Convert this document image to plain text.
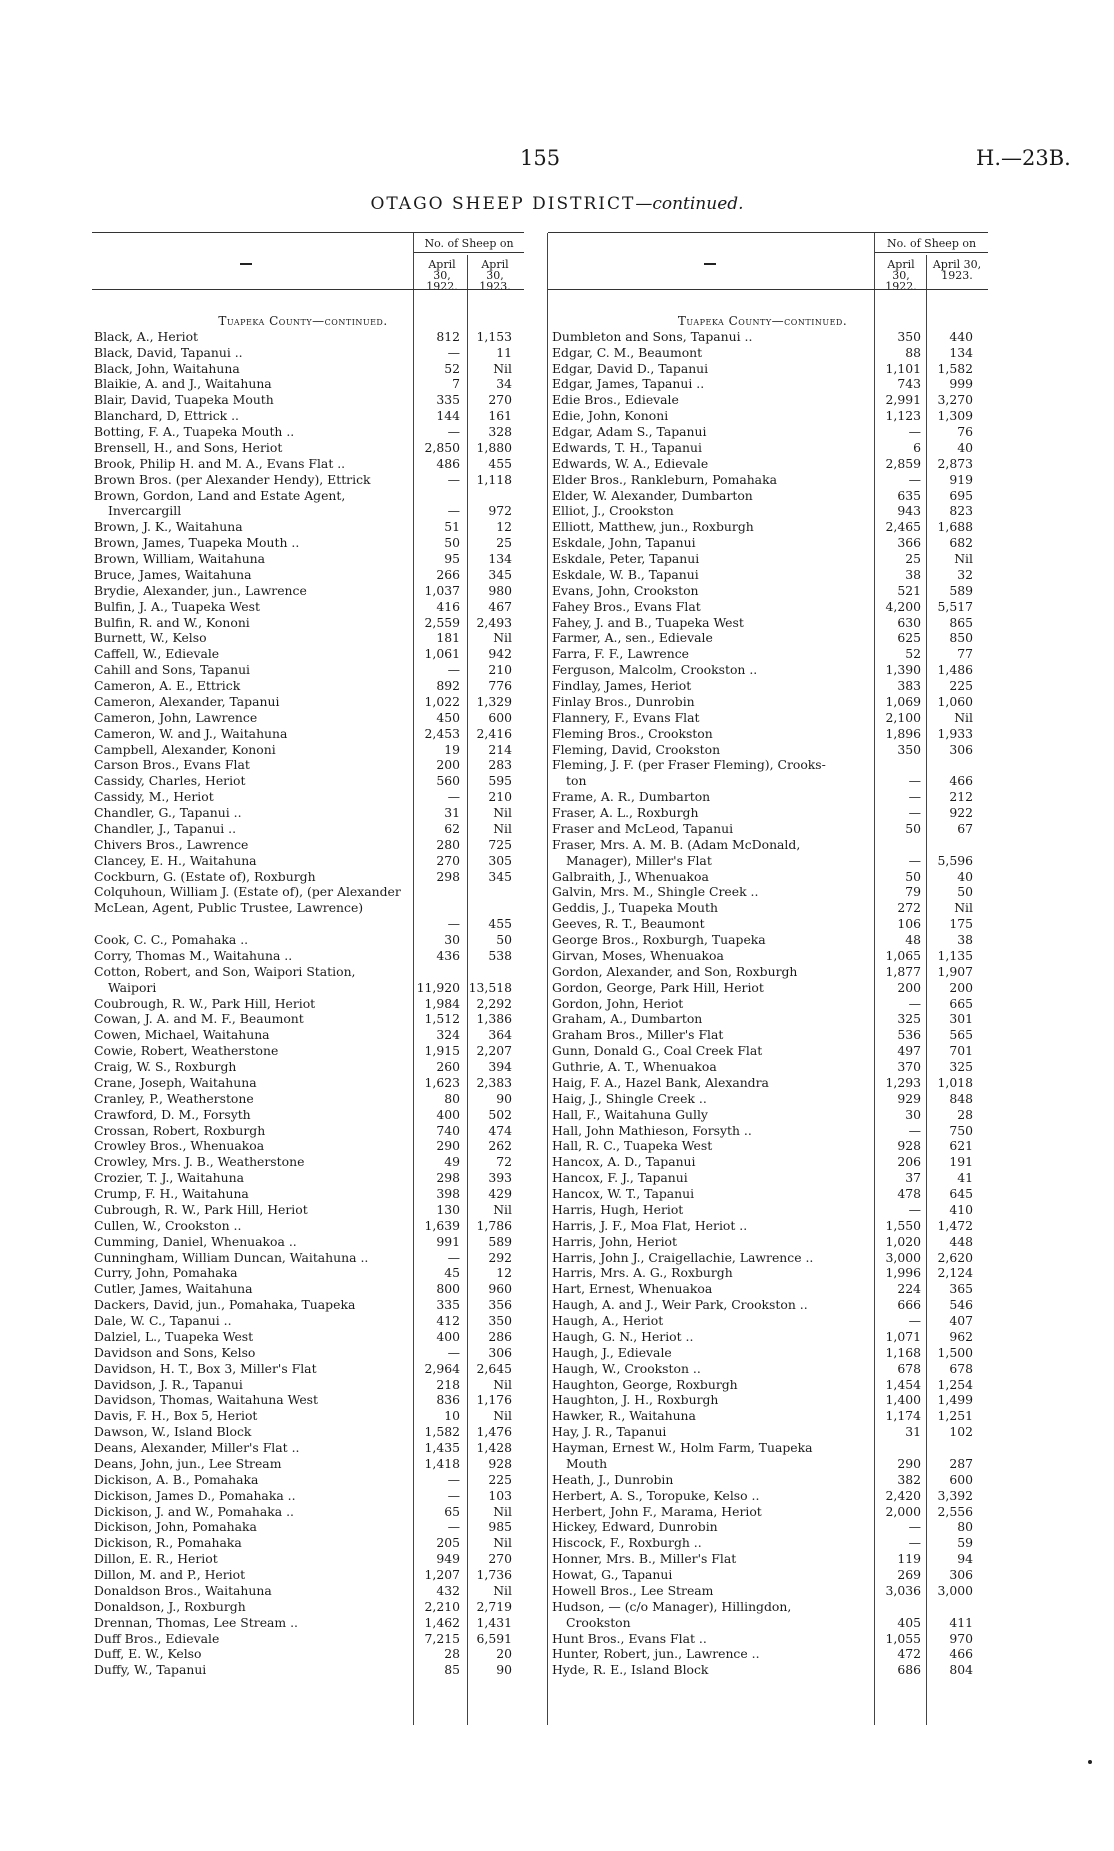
155	H.—23B.
OTAGO SHEEP DISTRICT—continued.
No. of Sheep on
April 30, 1922.
April 30, 1923.
No. of Sheep on
April 30, 1922.
April 30, 1923.
Tuapeka County—continued.
Black, A., Heriot	812	1,153
Black, David, Tapanui ..	—	11
Black, John, Waitahuna	52	Nil
Blaikie, A. and J., Waitahuna	7	34
Blair, David, Tuapeka Mouth	335	270
Blanchard, D, Ettrick ..	144	161
Botting, F. A., Tuapeka Mouth ..	—	328
Brensell, H., and Sons, Heriot	2,850	1,880
Brook, Philip H. and M. A., Evans Flat ..	486	455
Brown Bros. (per Alexander Hendy), Ettrick	—	1,118
Brown, Gordon, Land and Estate Agent,
Invercargill	—	972
Brown, J. K., Waitahuna	51	12
Brown, James, Tuapeka Mouth ..	50	25
Brown, William, Waitahuna	95	134
Bruce, James, Waitahuna	266	345
Brydie, Alexander, jun., Lawrence	1,037	980
Bulfin, J. A., Tuapeka West	416	467
Bulfin, R. and W., Kononi	2,559	2,493
Burnett, W., Kelso	181	Nil
Caffell, W., Edievale	1,061	942
Cahill and Sons, Tapanui	—	210
Cameron, A. E., Ettrick	892	776
Cameron, Alexander, Tapanui	1,022	1,329
Cameron, John, Lawrence	450	600
Cameron, W. and J., Waitahuna	2,453	2,416
Campbell, Alexander, Kononi	19	214
Carson Bros., Evans Flat	200	283
Cassidy, Charles, Heriot	560	595
Cassidy, M., Heriot	—	210
Chandler, G., Tapanui ..	31	Nil
Chandler, J., Tapanui ..	62	Nil
Chivers Bros., Lawrence	280	725
Clancey, E. H., Waitahuna	270	305
Cockburn, G. (Estate of), Roxburgh	298	345
Colquhoun, William J. (Estate of), (per Alexander McLean, Agent, Public Trustee, Lawrence)
—	455
Cook, C. C., Pomahaka ..	30	50
Corry, Thomas M., Waitahuna ..	436	538
Cotton, Robert, and Son, Waipori Station,
Waipori	11,920 13,518
Coubrough, R. W., Park Hill, Heriot	1,984	2,292
Cowan, J. A. and M. F., Beaumont	1,512	1,386
Cowen, Michael, Waitahuna	324	364
Cowie, Robert, Weatherstone	1,915	2,207
Craig, W. S., Roxburgh	260	394
Crane, Joseph, Waitahuna	1,623	2,383
Cranley, P., Weatherstone	80	90
Crawford, D. M., Forsyth	400	502
Crossan, Robert, Roxburgh	740	474
Crowley Bros., Whenuakoa	290	262
Crowley, Mrs. J. B., Weatherstone	49	72
Crozier, T. J., Waitahuna	298	393
Crump, F. H., Waitahuna	398	429
Cubrough, R. W., Park Hill, Heriot	130	Nil
Cullen, W., Crookston ..	1,639	1,786
Cumming, Daniel, Whenuakoa ..	991	589
Cunningham, William Duncan, Waitahuna ..	—	292
Curry, John, Pomahaka	45	12
Cutler, James, Waitahuna	800	960
Dackers, David, jun., Pomahaka, Tuapeka	335	356
Dale, W. C., Tapanui ..	412	350
Dalziel, L., Tuapeka West	400	286
Davidson and Sons, Kelso	—	306
Davidson, H. T., Box 3, Miller's Flat	2,964	2,645
Davidson, J. R., Tapanui	218	Nil
Davidson, Thomas, Waitahuna West	836	1,176
Davis, F. H., Box 5, Heriot	10	Nil
Dawson, W., Island Block	1,582	1,476
Deans, Alexander, Miller's Flat ..	1,435	1,428
Deans, John, jun., Lee Stream	1,418	928
Dickison, A. B., Pomahaka	—	225
Dickison, James D., Pomahaka ..	—	103
Dickison, J. and W., Pomahaka ..	65	Nil
Dickison, John, Pomahaka	—	985
Dickison, R., Pomahaka	205	Nil
Dillon, E. R., Heriot	949	270
Dillon, M. and P., Heriot	1,207	1,736
Donaldson Bros., Waitahuna	432	Nil
Donaldson, J., Roxburgh	2,210	2,719
Drennan, Thomas, Lee Stream ..	1,462	1,431
Duff Bros., Edievale	7,215	6,591
Duff, E. W., Kelso	28	20
Duffy, W., Tapanui	85	90
Tuapeka County—continued.
Dumbleton and Sons, Tapanui ..	350	440
Edgar, C. M., Beaumont	88	134
Edgar, David D., Tapanui	1,101	1,582
Edgar, James, Tapanui ..	743	999
Edie Bros., Edievale	2,991	3,270
Edie, John, Kononi	1,123	1,309
Edgar, Adam S., Tapanui	—	76
Edwards, T. H., Tapanui	6	40
Edwards, W. A., Edievale	2,859	2,873
Elder Bros., Rankleburn, Pomahaka	—	919
Elder, W. Alexander, Dumbarton	635	695
Elliot, J., Crookston	943	823
Elliott, Matthew, jun., Roxburgh	2,465	1,688
Eskdale, John, Tapanui	366	682
Eskdale, Peter, Tapanui	25	Nil
Eskdale, W. B., Tapanui	38	32
Evans, John, Crookston	521	589
Fahey Bros., Evans Flat	4,200	5,517
Fahey, J. and B., Tuapeka West	630	865
Farmer, A., sen., Edievale	625	850
Farra, F. F., Lawrence	52	77
Ferguson, Malcolm, Crookston ..	1,390	1,486
Findlay, James, Heriot	383	225
Finlay Bros., Dunrobin	1,069	1,060
Flannery, F., Evans Flat	2,100	Nil
Fleming Bros., Crookston	1,896	1,933
Fleming, David, Crookston	350	306
Fleming, J. F. (per Fraser Fleming), Crooks-
ton	—	466
Frame, A. R., Dumbarton	—	212
Fraser, A. L., Roxburgh	—	922
Fraser and McLeod, Tapanui	50	67
Fraser, Mrs. A. M. B. (Adam McDonald,
Manager), Miller's Flat	—	5,596
Galbraith, J., Whenuakoa	50	40
Galvin, Mrs. M., Shingle Creek ..	79	50
Geddis, J., Tuapeka Mouth	272	Nil
Geeves, R. T., Beaumont	106	175
George Bros., Roxburgh, Tuapeka	48	38
Girvan, Moses, Whenuakoa	1,065	1,135
Gordon, Alexander, and Son, Roxburgh	1,877	1,907
Gordon, George, Park Hill, Heriot	200	200
Gordon, John, Heriot	—	665
Graham, A., Dumbarton	325	301
Graham Bros., Miller's Flat	536	565
Gunn, Donald G., Coal Creek Flat	497	701
Guthrie, A. T., Whenuakoa	370	325
Haig, F. A., Hazel Bank, Alexandra	1,293	1,018
Haig, J., Shingle Creek ..	929	848
Hall, F., Waitahuna Gully	30	28
Hall, John Mathieson, Forsyth ..	—	750
Hall, R. C., Tuapeka West	928	621
Hancox, A. D., Tapanui	206	191
Hancox, F. J., Tapanui	37	41
Hancox, W. T., Tapanui	478	645
Harris, Hugh, Heriot	—	410
Harris, J. F., Moa Flat, Heriot ..	1,550	1,472
Harris, John, Heriot	1,020	448
Harris, John J., Craigellachie, Lawrence ..	3,000	2,620
Harris, Mrs. A. G., Roxburgh	1,996	2,124
Hart, Ernest, Whenuakoa	224	365
Haugh, A. and J., Weir Park, Crookston ..	666	546
Haugh, A., Heriot	—	407
Haugh, G. N., Heriot ..	1,071	962
Haugh, J., Edievale	1,168	1,500
Haugh, W., Crookston ..	678	678
Haughton, George, Roxburgh	1,454	1,254
Haughton, J. H., Roxburgh	1,400	1,499
Hawker, R., Waitahuna	1,174	1,251
Hay, J. R., Tapanui	31	102
Hayman, Ernest W., Holm Farm, Tuapeka
Mouth	290	287
Heath, J., Dunrobin	382	600
Herbert, A. S., Toropuke, Kelso ..	2,420	3,392
Herbert, John F., Marama, Heriot	2,000	2,556
Hickey, Edward, Dunrobin	—	80
Hiscock, F., Roxburgh ..	—	59
Honner, Mrs. B., Miller's Flat	119	94
Howat, G., Tapanui	269	306
Howell Bros., Lee Stream	3,036	3,000
Hudson, — (c/o Manager), Hillingdon,
Crookston	405	411
Hunt Bros., Evans Flat ..	1,055	970
Hunter, Robert, jun., Lawrence ..	472	466
Hyde, R. E., Island Block	686	804
